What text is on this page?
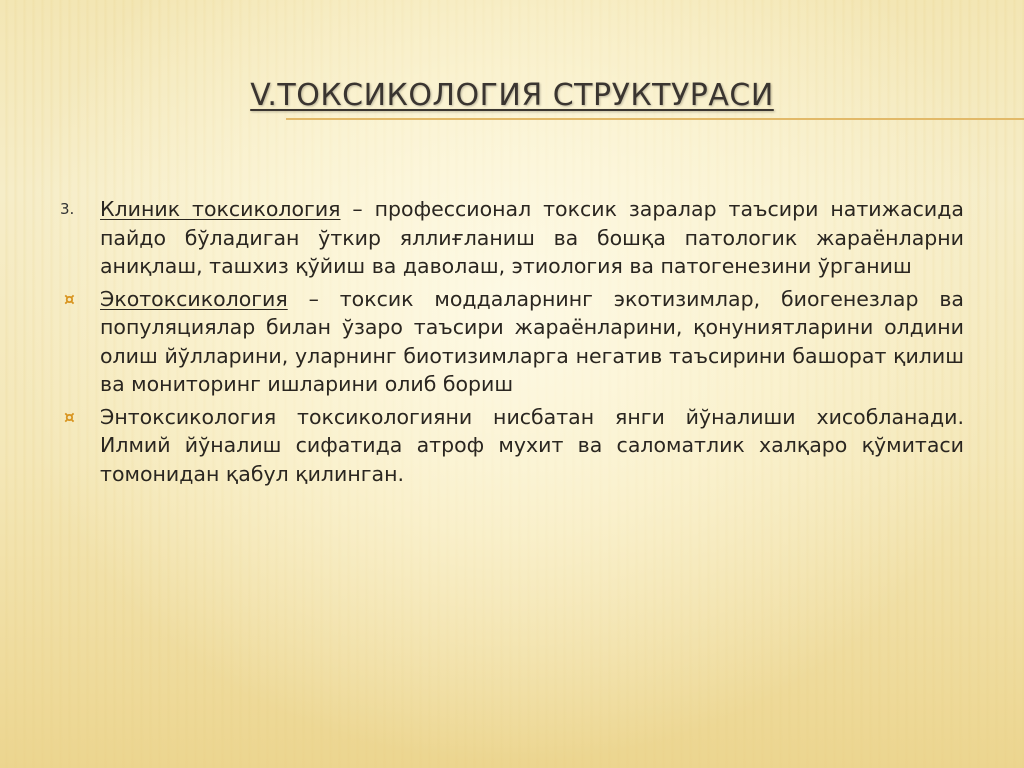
V.ТОКСИКОЛОГИЯ СТРУКТУРАСИ
3. Клиник токсикология – профессионал токсик заралар таъсири натижасида пайдо бўладиган ўткир яллиғланиш ва бошқа патологик жараёнларни аниқлаш, ташхиз қўйиш ва даволаш, этиология ва патогенезини ўрганиш

¤ Экотоксикология – токсик моддаларнинг экотизимлар, биогенезлар ва популяциялар билан ўзаро таъсири жараёнларини, қонуниятларини олдини олиш йўлларини, уларнинг биотизимларга негатив таъсирини башорат қилиш ва мониторинг ишларини олиб бориш

¤ Энтоксикология токсикологияни нисбатан янги йўналиши хисобланади. Илмий йўналиш сифатида атроф мухит ва саломатлик халқаро қўмитаси томонидан қабул қилинган.
